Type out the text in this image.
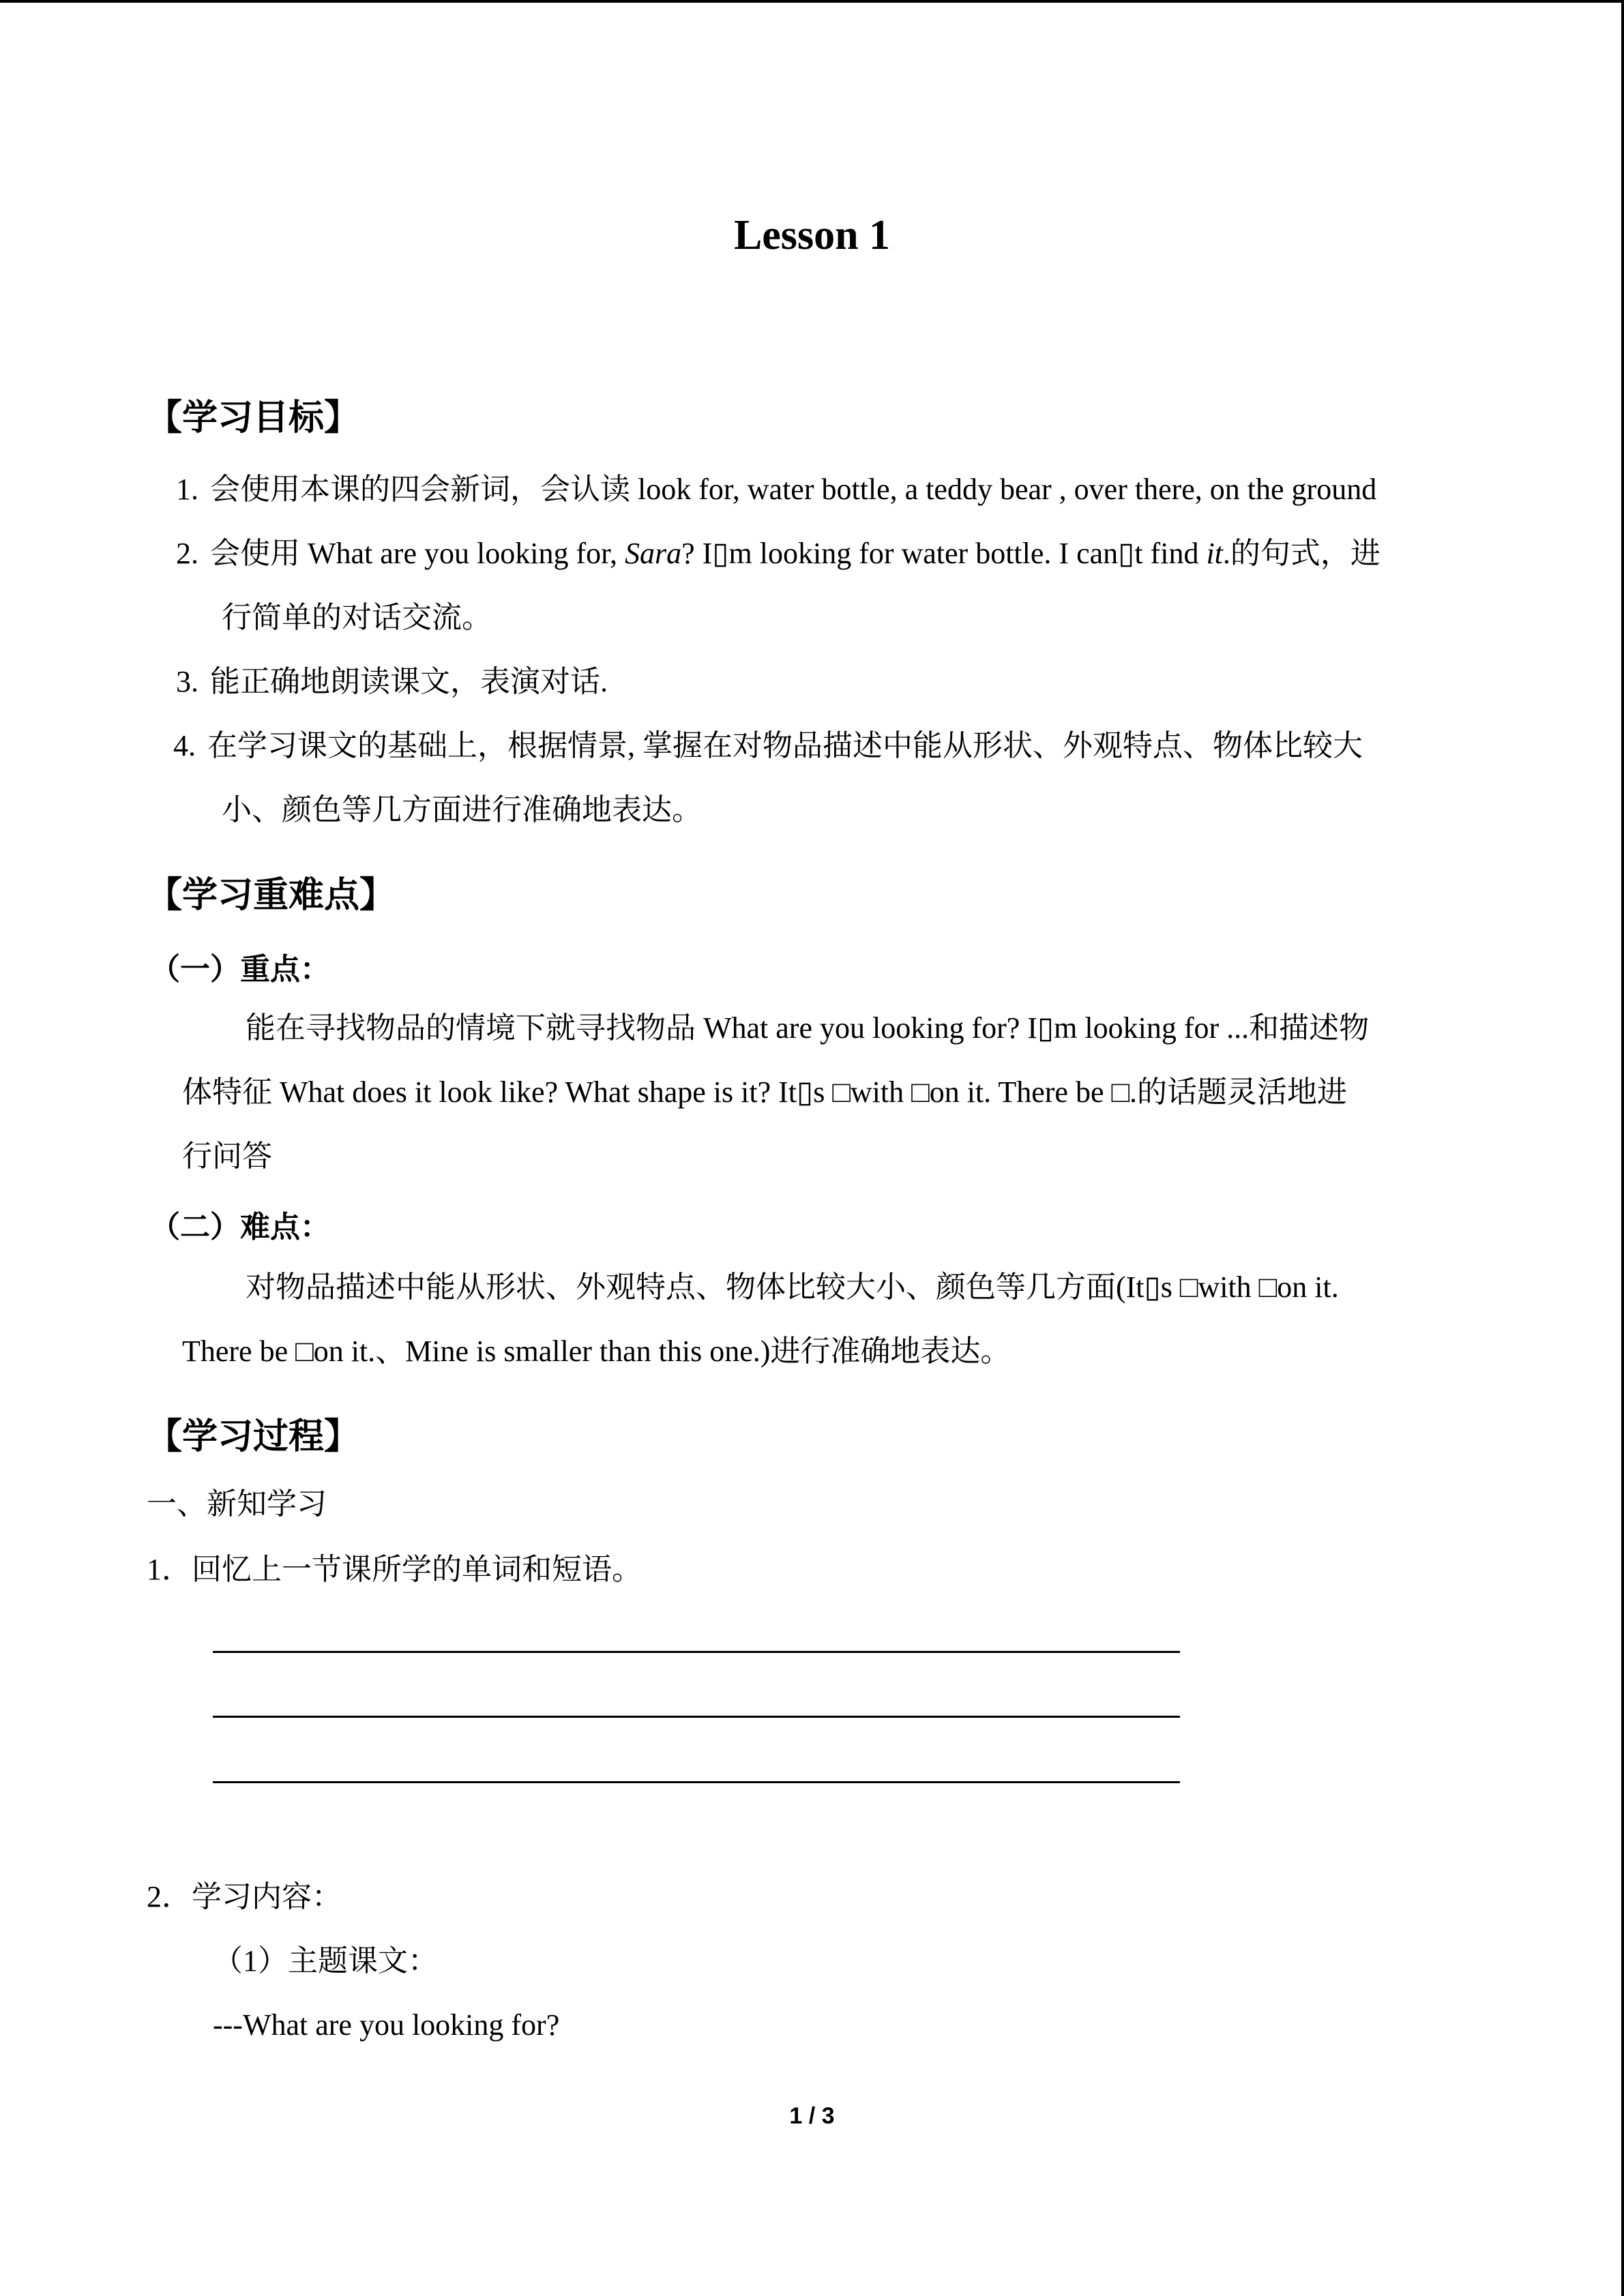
Lesson 1
【学习目标】
1. 会使用本课的四会新词，会认读 look for, water bottle, a teddy bear , over there, on the ground
2. 会使用 What are you looking for, Sara? I▯m looking for water bottle. I can▯t find it.的句式，进
行简单的对话交流。
3. 能正确地朗读课文，表演对话.
4. 在学习课文的基础上，根据情景, 掌握在对物品描述中能从形状、外观特点、物体比较大
小、颜色等几方面进行准确地表达。
【学习重难点】
（一）重点：
能在寻找物品的情境下就寻找物品 What are you looking for? I▯m looking for ...和描述物
体特征 What does it look like? What shape is it? It▯s □with □on it. There be □.的话题灵活地进
行问答
（二）难点：
对物品描述中能从形状、外观特点、物体比较大小、颜色等几方面(It▯s □with □on it.
There be □on it.、Mine is smaller than this one.)进行准确地表达。
【学习过程】
一、新知学习
1．回忆上一节课所学的单词和短语。
2．学习内容：
（1）主题课文：
---What are you looking for?
1 / 3
